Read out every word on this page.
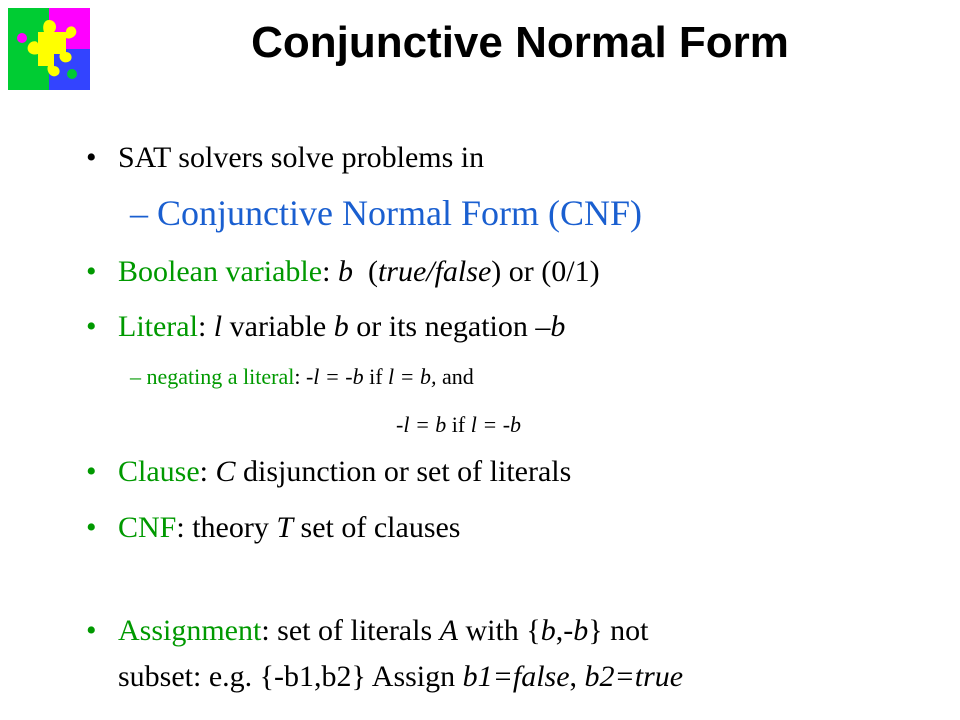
Conjunctive Normal Form
• SAT solvers solve problems in
– Conjunctive Normal Form (CNF)
• Boolean variable: b  (true/false) or (0/1)
• Literal: l variable b or its negation –b
– negating a literal: -l = -b if l = b, and
-l = b if l = -b
• Clause: C disjunction or set of literals
• CNF: theory T set of clauses
• Assignment: set of literals A with {b,-b} not
subset: e.g. {-b1,b2} Assign b1=false, b2=true
